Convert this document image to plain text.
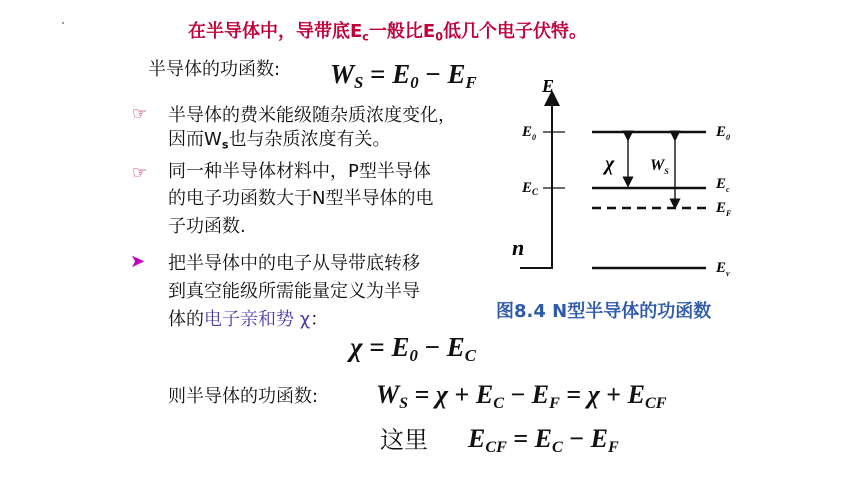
在半导体中，导带底$E_c$一般比$E_0$低几个电子伏特。
半导体的功函数: $W_S = E_0 - E_F$
☞ 半导体的费米能级随杂质浓度变化，
因而$W_s$也与杂质浓度有关。
☞ 同一种半导体材料中，P型半导体
的电子功函数大于N型半导体的电
子功函数.
➤ 把半导体中的电子从导带底转移
到真空能级所需能量定义为半导
体的电子亲和势 χ：
$\chi = E_0 - E_C$
则半导体的功函数: $W_S = \chi + E_C - E_F = \chi + E_{CF}$
这里 $E_{CF} = E_C - E_F$
E
n
$E_0$
$E_C$
χ $W_S$
$E_0$
$E_c$
$E_F$
$E_v$
图8.4 N型半导体的功函数
